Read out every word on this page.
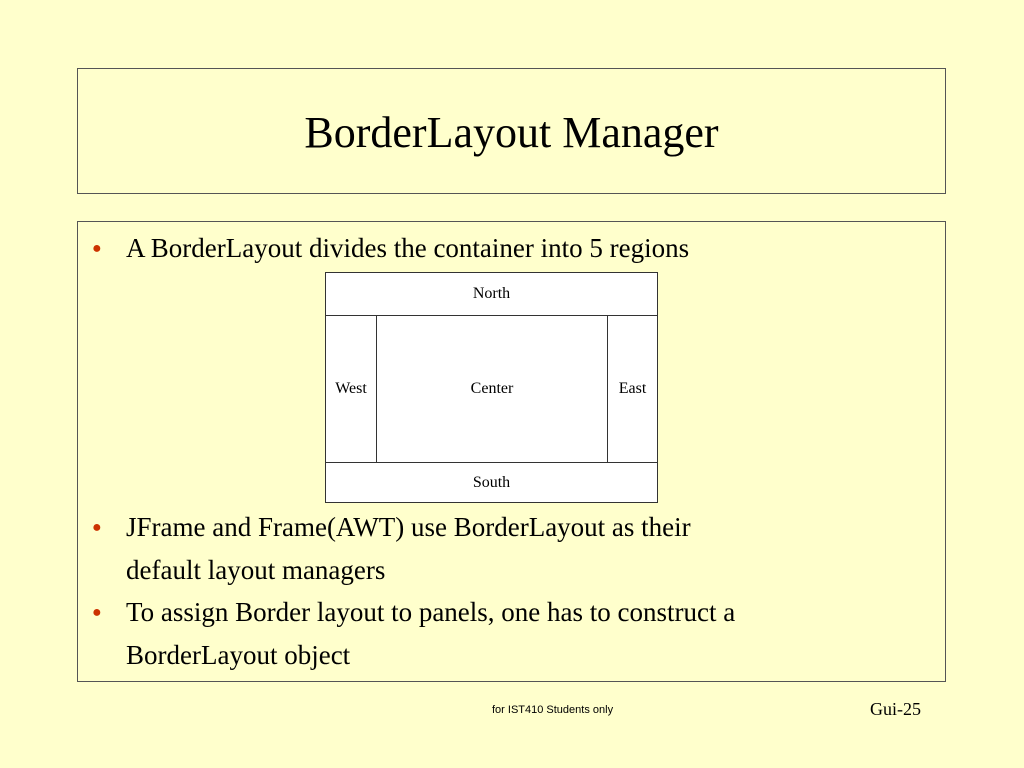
BorderLayout Manager
● A BorderLayout divides the container into 5 regions
North
West	Center	East
South
● JFrame and Frame(AWT) use BorderLayout as their
default layout managers
● To assign Border layout to panels, one has to construct a
BorderLayout object
for IST410 Students only	Gui-25
